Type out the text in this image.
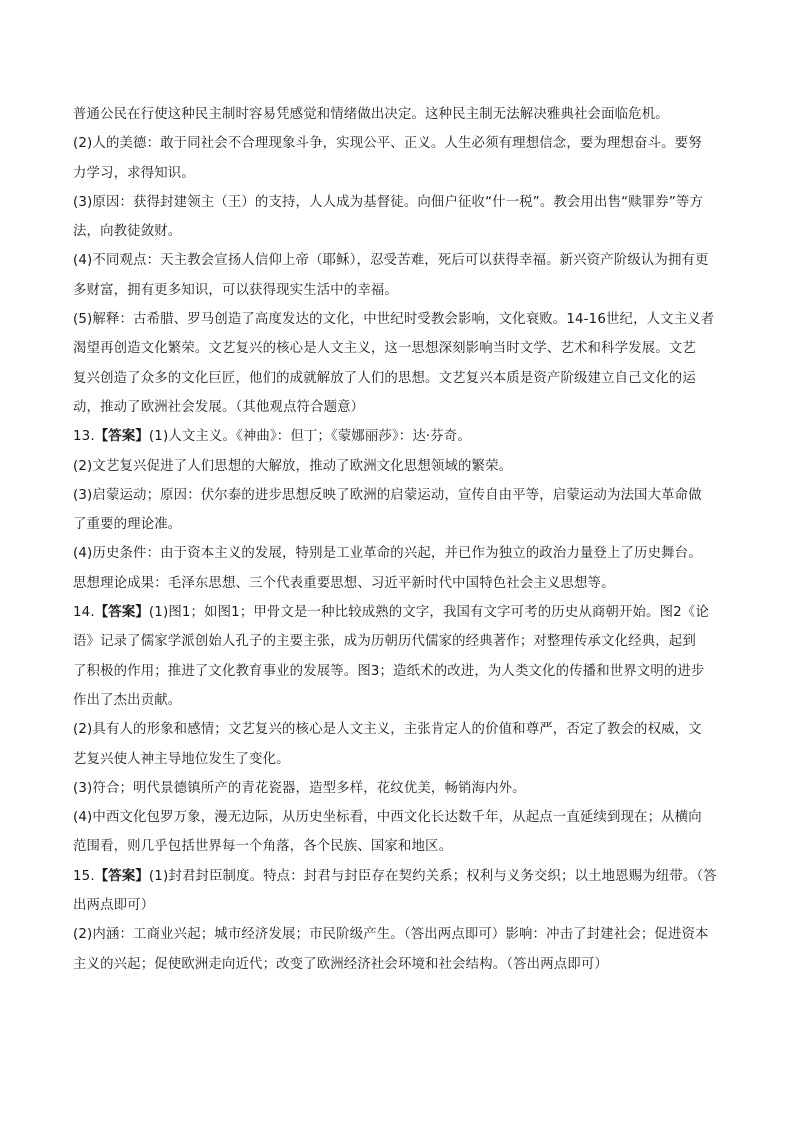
普通公民在行使这种民主制时容易凭感觉和情绪做出决定。这种民主制无法解决雅典社会面临危机。
(2)人的美德：敢于同社会不合理现象斗争，实现公平、正义。人生必须有理想信念，要为理想奋斗。要努
力学习，求得知识。
(3)原因：获得封建领主（王）的支持，人人成为基督徒。向佃户征收“什一税”。教会用出售“赎罪券”等方
法，向教徒敛财。
(4)不同观点：天主教会宣扬人信仰上帝（耶稣），忍受苦难，死后可以获得幸福。新兴资产阶级认为拥有更
多财富，拥有更多知识，可以获得现实生活中的幸福。
(5)解释：古希腊、罗马创造了高度发达的文化，中世纪时受教会影响，文化衰败。14-16世纪，人文主义者
渴望再创造文化繁荣。文艺复兴的核心是人文主义，这一思想深刻影响当时文学、艺术和科学发展。文艺
复兴创造了众多的文化巨匠，他们的成就解放了人们的思想。文艺复兴本质是资产阶级建立自己文化的运
动，推动了欧洲社会发展。（其他观点符合题意）
13.【答案】(1)人文主义。《神曲》：但丁；《蒙娜丽莎》：达·芬奇。
(2)文艺复兴促进了人们思想的大解放，推动了欧洲文化思想领域的繁荣。
(3)启蒙运动；原因：伏尔泰的进步思想反映了欧洲的启蒙运动，宣传自由平等，启蒙运动为法国大革命做
了重要的理论准。
(4)历史条件：由于资本主义的发展，特别是工业革命的兴起，并已作为独立的政治力量登上了历史舞台。
思想理论成果：毛泽东思想、三个代表重要思想、习近平新时代中国特色社会主义思想等。
14.【答案】(1)图1；如图1；甲骨文是一种比较成熟的文字，我国有文字可考的历史从商朝开始。图2《论
语》记录了儒家学派创始人孔子的主要主张，成为历朝历代儒家的经典著作；对整理传承文化经典，起到
了积极的作用；推进了文化教育事业的发展等。图3；造纸术的改进，为人类文化的传播和世界文明的进步
作出了杰出贡献。
(2)具有人的形象和感情；文艺复兴的核心是人文主义，主张肯定人的价值和尊严，否定了教会的权威，文
艺复兴使人神主导地位发生了变化。
(3)符合；明代景德镇所产的青花瓷器，造型多样，花纹优美，畅销海内外。
(4)中西文化包罗万象，漫无边际，从历史坐标看，中西文化长达数千年，从起点一直延续到现在；从横向
范围看，则几乎包括世界每一个角落，各个民族、国家和地区。
15.【答案】(1)封君封臣制度。特点：封君与封臣存在契约关系；权利与义务交织；以土地恩赐为纽带。（答
出两点即可）
(2)内涵：工商业兴起；城市经济发展；市民阶级产生。（答出两点即可）影响：冲击了封建社会；促进资本
主义的兴起；促使欧洲走向近代；改变了欧洲经济社会环境和社会结构。（答出两点即可）
